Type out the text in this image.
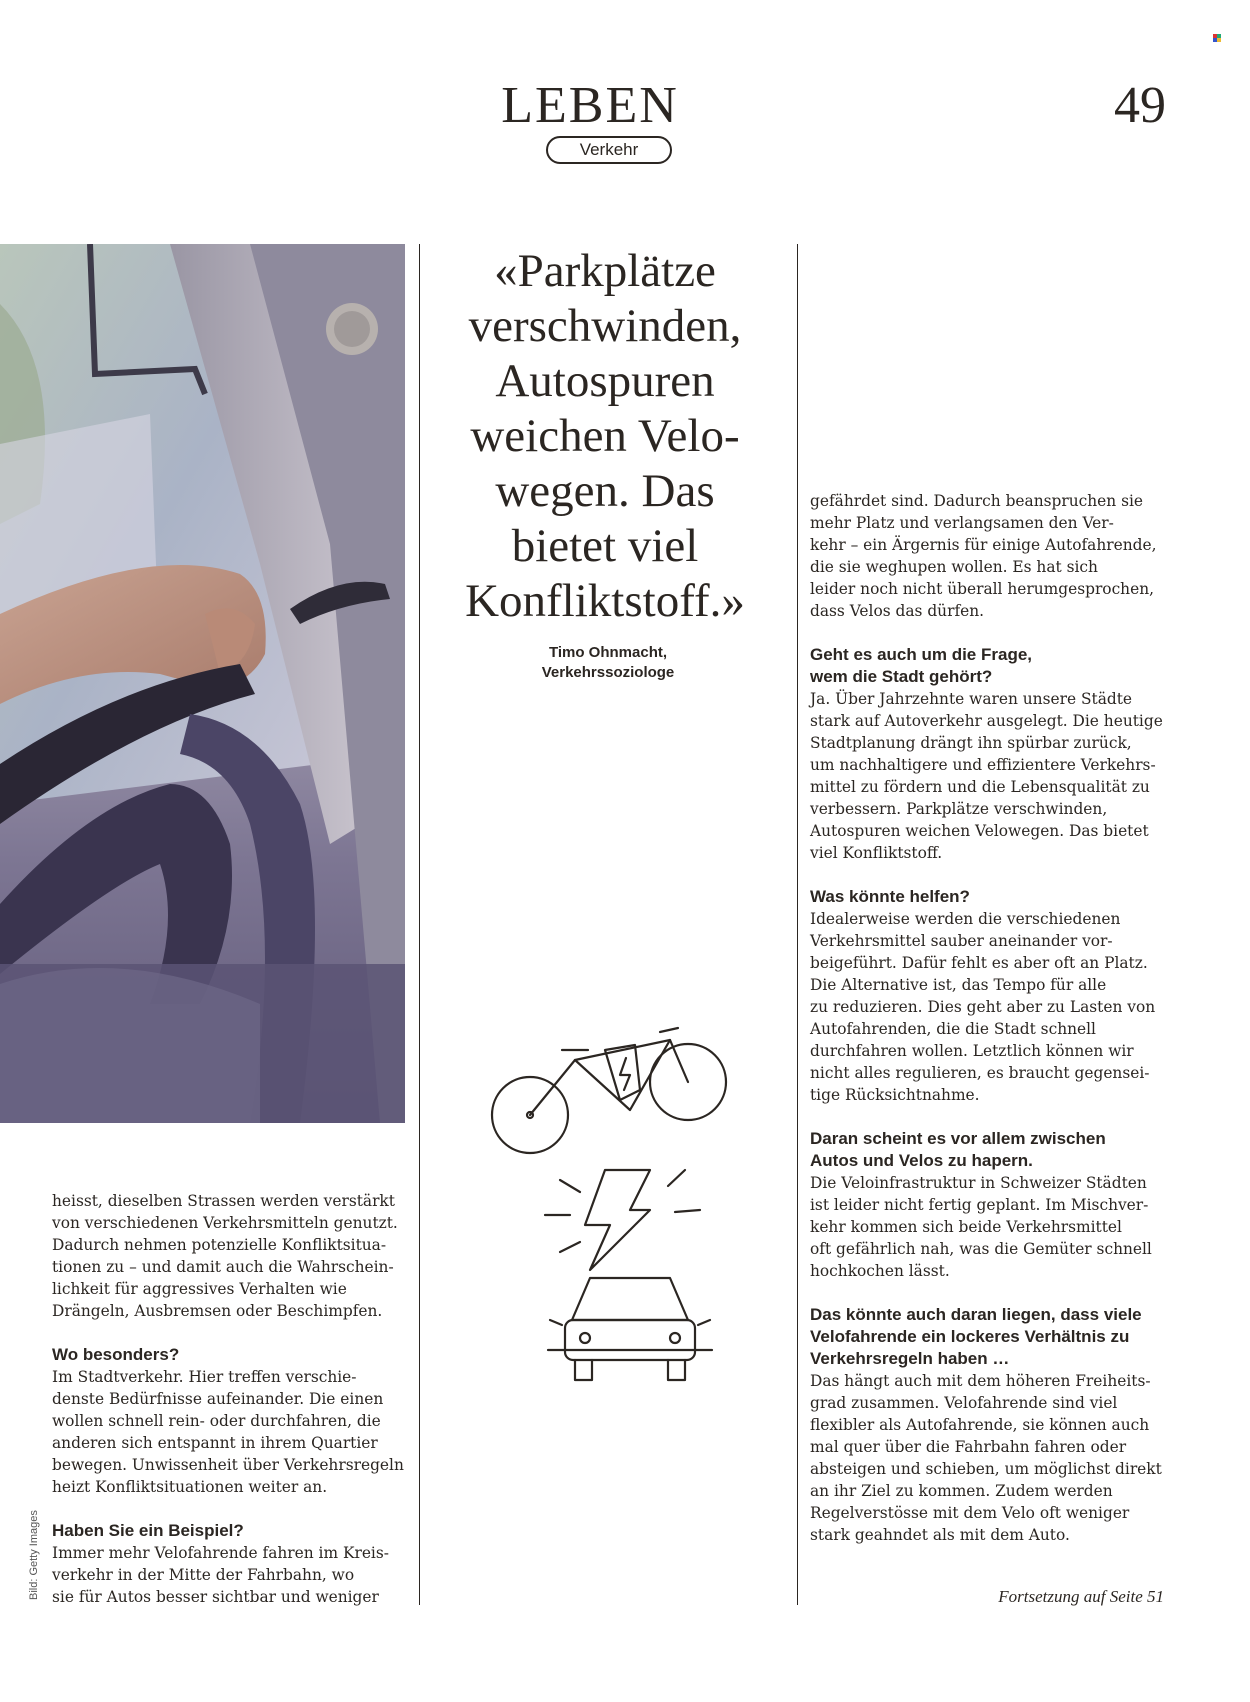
LEBEN
Verkehr
49
«Parkplätze
verschwinden,
Autospuren
weichen Velo-
wegen. Das
bietet viel
Konfliktstoff.»
Timo Ohnmacht,
Verkehrssoziologe

heisst, dieselben Strassen werden verstärkt

von verschiedenen Verkehrsmitteln genutzt.

Dadurch nehmen potenzielle Konfliktsitua-

tionen zu – und damit auch die Wahrschein-

lichkeit für aggressives Verhalten wie

Drängeln, Ausbremsen oder Beschimpfen.

Wo besonders?

Im Stadtverkehr. Hier treffen verschie-

denste Bedürfnisse aufeinander. Die einen

wollen schnell rein- oder durchfahren, die

anderen sich entspannt in ihrem Quartier

bewegen. Unwissenheit über Verkehrsregeln

heizt Konfliktsituationen weiter an.

Haben Sie ein Beispiel?

Immer mehr Velofahrende fahren im Kreis-

verkehr in der Mitte der Fahrbahn, wo

sie für Autos besser sichtbar und weniger

gefährdet sind. Dadurch beanspruchen sie

mehr Platz und verlangsamen den Ver-

kehr – ein Ärgernis für einige Autofahrende,

die sie weghupen wollen. Es hat sich

leider noch nicht überall herumgesprochen,

dass Velos das dürfen.

Geht es auch um die Frage,

wem die Stadt gehört?

Ja. Über Jahrzehnte waren unsere Städte

stark auf Autoverkehr ausgelegt. Die heutige

Stadtplanung drängt ihn spürbar zurück,

um nachhaltigere und effizientere Verkehrs-

mittel zu fördern und die Lebensqualität zu

verbessern. Parkplätze verschwinden,

Autospuren weichen Velowegen. Das bietet

viel Konfliktstoff.

Was könnte helfen?

Idealerweise werden die verschiedenen

Verkehrsmittel sauber aneinander vor-

beigeführt. Dafür fehlt es aber oft an Platz.

Die Alternative ist, das Tempo für alle

zu reduzieren. Dies geht aber zu Lasten von

Autofahrenden, die die Stadt schnell

durchfahren wollen. Letztlich können wir

nicht alles regulieren, es braucht gegensei-

tige Rücksichtnahme.

Daran scheint es vor allem zwischen

Autos und Velos zu hapern.

Die Veloinfrastruktur in Schweizer Städten

ist leider nicht fertig geplant. Im Mischver-

kehr kommen sich beide Verkehrsmittel

oft gefährlich nah, was die Gemüter schnell

hochkochen lässt.

Das könnte auch daran liegen, dass viele

Velofahrende ein lockeres Verhältnis zu

Verkehrsregeln haben …

Das hängt auch mit dem höheren Freiheits-

grad zusammen. Velofahrende sind viel

flexibler als Autofahrende, sie können auch

mal quer über die Fahrbahn fahren oder

absteigen und schieben, um möglichst direkt

an ihr Ziel zu kommen. Zudem werden

Regelverstösse mit dem Velo oft weniger

stark geahndet als mit dem Auto.

Bild: Getty Images	Fortsetzung auf Seite 51
